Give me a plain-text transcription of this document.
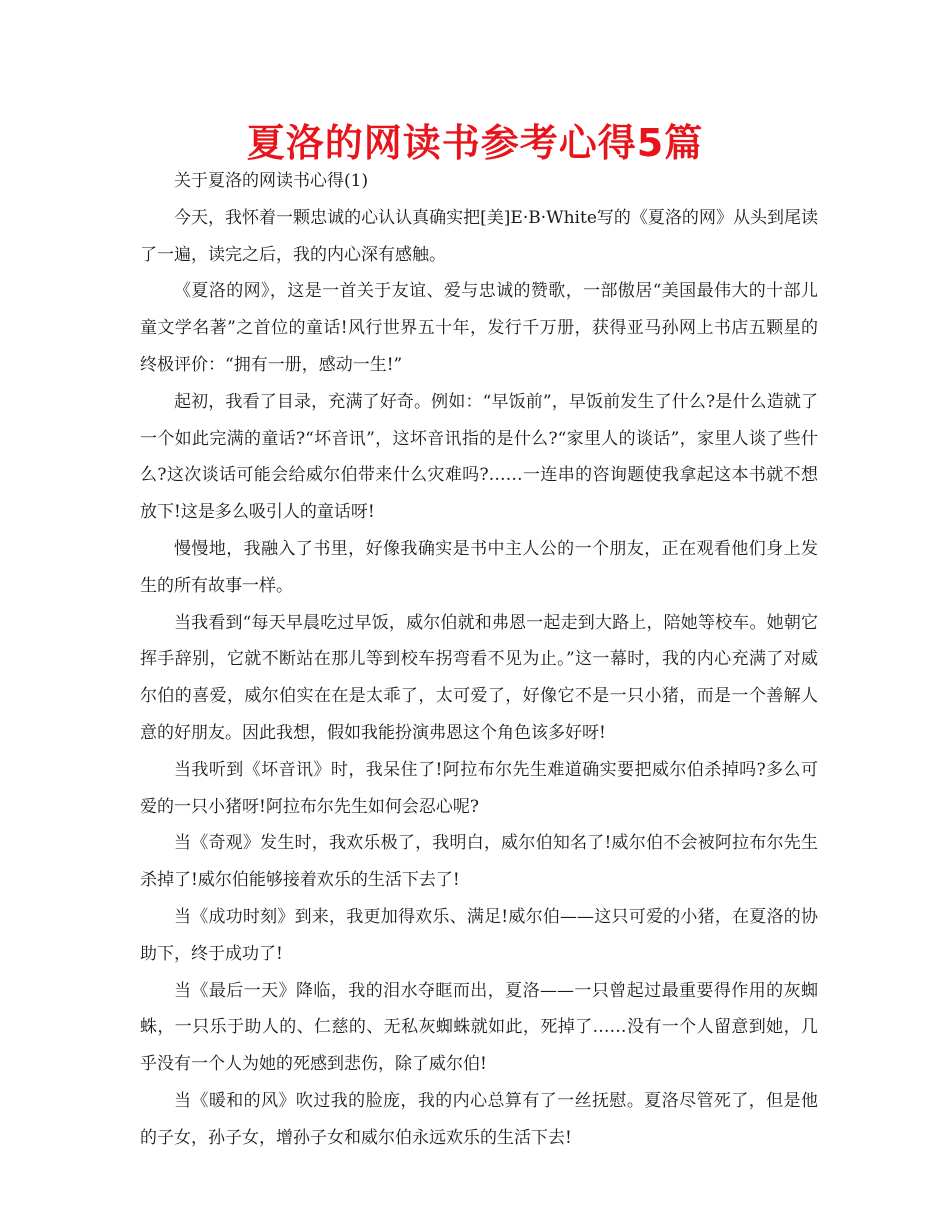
夏洛的网读书参考心得5篇

关于夏洛的网读书心得(1)

今天，我怀着一颗忠诚的心认认真确实把[美]E·B·White写的《夏洛的网》从头到尾读了一遍，读完之后，我的内心深有感触。

《夏洛的网》，这是一首关于友谊、爱与忠诚的赞歌，一部傲居“美国最伟大的十部儿童文学名著”之首位的童话!风行世界五十年，发行千万册，获得亚马孙网上书店五颗星的终极评价：“拥有一册，感动一生!”

起初，我看了目录，充满了好奇。例如：“早饭前”，早饭前发生了什么?是什么造就了一个如此完满的童话?“坏音讯”，这坏音讯指的是什么?“家里人的谈话”，家里人谈了些什么?这次谈话可能会给威尔伯带来什么灾难吗?……一连串的咨询题使我拿起这本书就不想放下!这是多么吸引人的童话呀!

慢慢地，我融入了书里，好像我确实是书中主人公的一个朋友，正在观看他们身上发生的所有故事一样。

当我看到“每天早晨吃过早饭，威尔伯就和弗恩一起走到大路上，陪她等校车。她朝它挥手辞别，它就不断站在那儿等到校车拐弯看不见为止。”这一幕时，我的内心充满了对威尔伯的喜爱，威尔伯实在在是太乖了，太可爱了，好像它不是一只小猪，而是一个善解人意的好朋友。因此我想，假如我能扮演弗恩这个角色该多好呀!

当我听到《坏音讯》时，我呆住了!阿拉布尔先生难道确实要把威尔伯杀掉吗?多么可爱的一只小猪呀!阿拉布尔先生如何会忍心呢?

当《奇观》发生时，我欢乐极了，我明白，威尔伯知名了!威尔伯不会被阿拉布尔先生杀掉了!威尔伯能够接着欢乐的生活下去了!

当《成功时刻》到来，我更加得欢乐、满足!威尔伯——这只可爱的小猪，在夏洛的协助下，终于成功了!

当《最后一天》降临，我的泪水夺眶而出，夏洛——一只曾起过最重要得作用的灰蜘蛛，一只乐于助人的、仁慈的、无私灰蜘蛛就如此，死掉了……没有一个人留意到她，几乎没有一个人为她的死感到悲伤，除了威尔伯!

当《暖和的风》吹过我的脸庞，我的内心总算有了一丝抚慰。夏洛尽管死了，但是他的子女，孙子女，增孙子女和威尔伯永远欢乐的生活下去!
